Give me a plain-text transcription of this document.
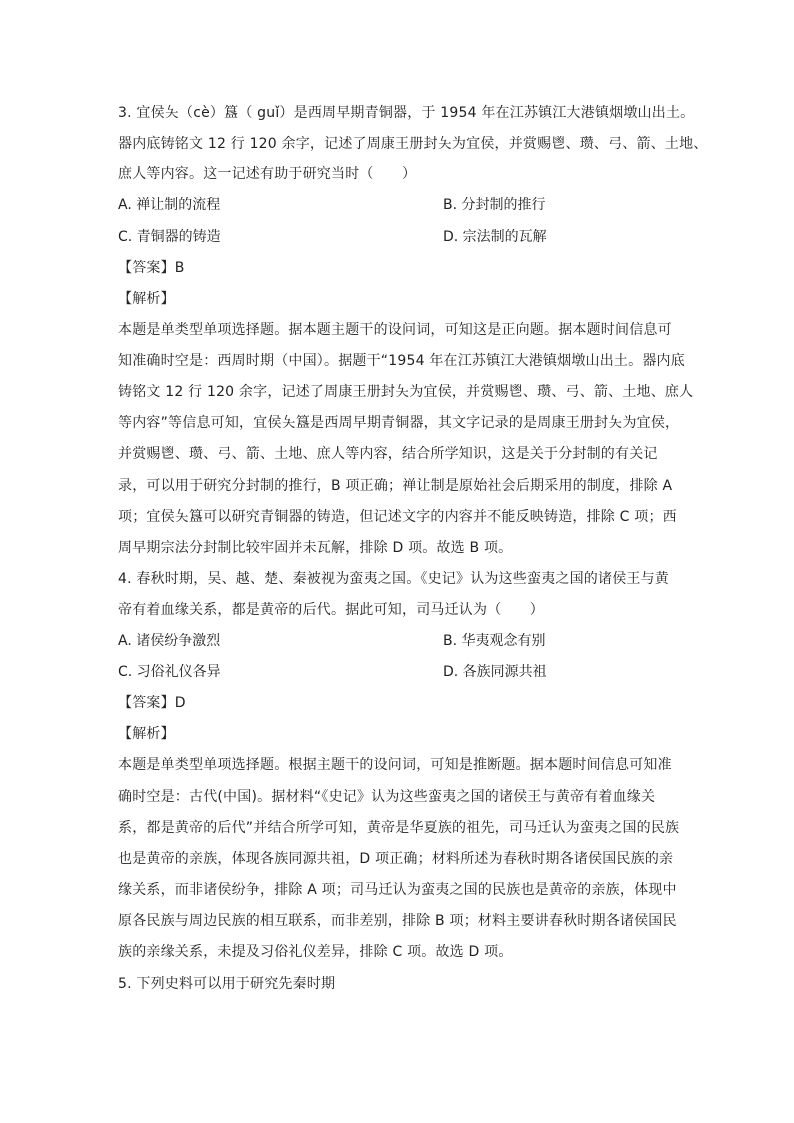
3. 宜侯夨（cè）簋（ guǐ）是西周早期青铜器，于 1954 年在江苏镇江大港镇烟墩山出土。
器内底铸铭文 12 行 120 余字，记述了周康王册封夨为宜侯，并赏赐鬯、瓒、弓、箭、土地、
庶人等内容。这一记述有助于研究当时（　　）
A. 禅让制的流程	B. 分封制的推行
C. 青铜器的铸造	D. 宗法制的瓦解
【答案】B
【解析】
本题是单类型单项选择题。据本题主题干的设问词，可知这是正向题。据本题时间信息可
知准确时空是：西周时期（中国）。据题干“1954 年在江苏镇江大港镇烟墩山出土。器内底
铸铭文 12 行 120 余字，记述了周康王册封夨为宜侯，并赏赐鬯、瓒、弓、箭、土地、庶人
等内容”等信息可知，宜侯夨簋是西周早期青铜器，其文字记录的是周康王册封夨为宜侯，
并赏赐鬯、瓒、弓、箭、土地、庶人等内容，结合所学知识，这是关于分封制的有关记
录，可以用于研究分封制的推行，B 项正确；禅让制是原始社会后期采用的制度，排除 A
项；宜侯夨簋可以研究青铜器的铸造，但记述文字的内容并不能反映铸造，排除 C 项；西
周早期宗法分封制比较牢固并未瓦解，排除 D 项。故选 B 项。
4. 春秋时期，吴、越、楚、秦被视为蛮夷之国。《史记》认为这些蛮夷之国的诸侯王与黄
帝有着血缘关系，都是黄帝的后代。据此可知，司马迁认为（　　）
A. 诸侯纷争激烈	B. 华夷观念有别
C. 习俗礼仪各异	D. 各族同源共祖
【答案】D
【解析】
本题是单类型单项选择题。根据主题干的设问词，可知是推断题。据本题时间信息可知准
确时空是：古代(中国)。据材料“《史记》认为这些蛮夷之国的诸侯王与黄帝有着血缘关
系，都是黄帝的后代”并结合所学可知，黄帝是华夏族的祖先，司马迁认为蛮夷之国的民族
也是黄帝的亲族，体现各族同源共祖，D 项正确；材料所述为春秋时期各诸侯国民族的亲
缘关系，而非诸侯纷争，排除 A 项；司马迁认为蛮夷之国的民族也是黄帝的亲族，体现中
原各民族与周边民族的相互联系，而非差别，排除 B 项；材料主要讲春秋时期各诸侯国民
族的亲缘关系，未提及习俗礼仪差异，排除 C 项。故选 D 项。
5. 下列史料可以用于研究先秦时期
